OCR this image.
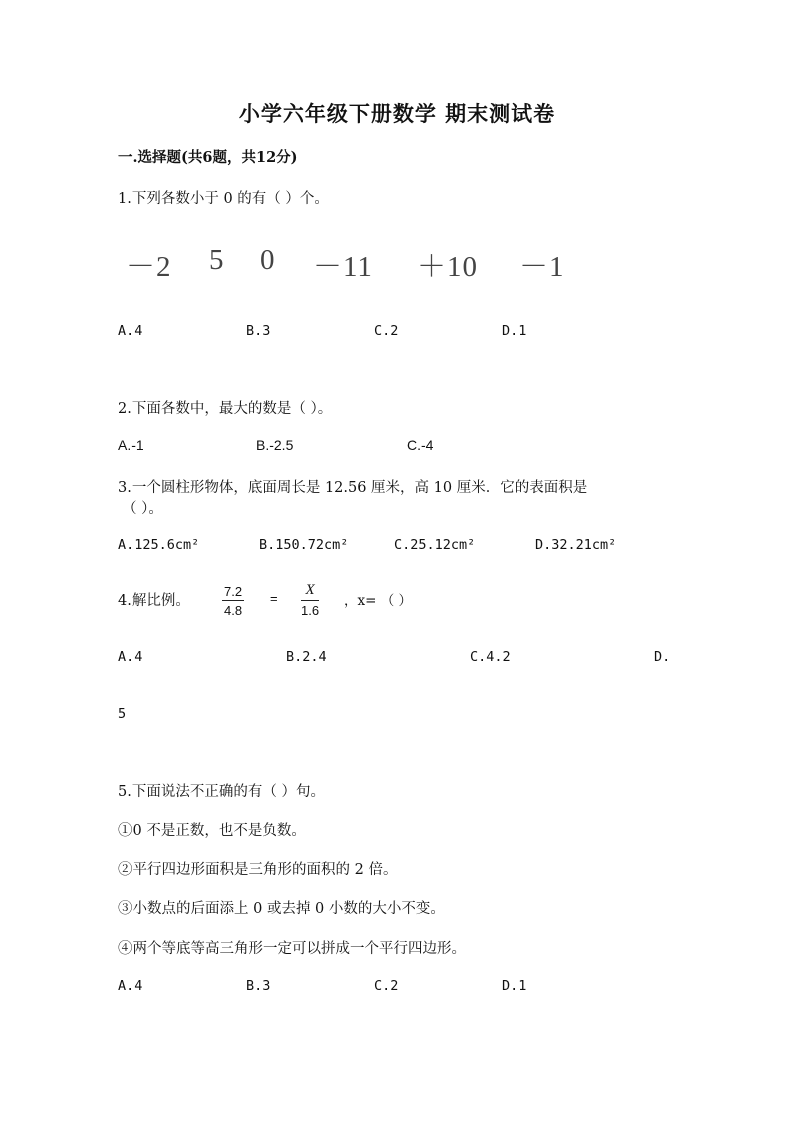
小学六年级下册数学 期末测试卷
一.选择题(共6题，共12分)
1.下列各数小于 0 的有（ ）个。
－2 5 0 －11 ＋10 －1
A.4	B.3	C.2	D.1
2.下面各数中，最大的数是（ ）。
A.-1	B.-2.5	C.-4
3.一个圆柱形物体，底面周长是 12.56 厘米，高 10 厘米．它的表面积是
（ ）。
A.125.6cm²	B.150.72cm²	C.25.12cm²	D.32.21cm²
4.解比例。 $\frac{7.2}{4.8} = \frac{X}{1.6}$ ，x= （ ）
A.4	B.2.4	C.4.2	D.
5
5.下面说法不正确的有（ ）句。
①0 不是正数，也不是负数。
②平行四边形面积是三角形的面积的 2 倍。
③小数点的后面添上 0 或去掉 0 小数的大小不变。
④两个等底等高三角形一定可以拼成一个平行四边形。
A.4	B.3	C.2	D.1
